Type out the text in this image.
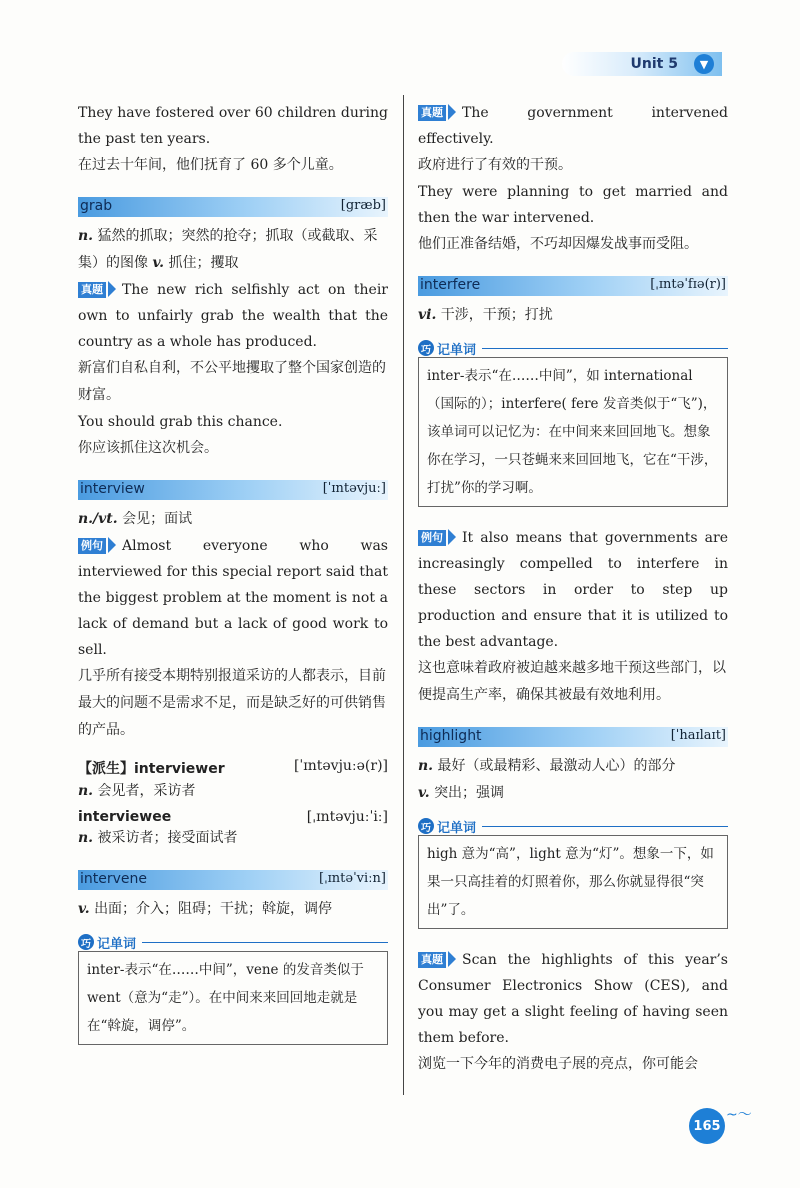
Unit 5	▼

They have fostered over 60 children during the past ten years.

在过去十年间，他们抚育了 60 多个儿童。

grab	[græb]

n. 猛然的抓取；突然的抢夺；抓取（或截取、采集）的图像 v. 抓住；攫取

真题 The new rich selfishly act on their own to unfairly grab the wealth that the country as a whole has produced.

新富们自私自利，不公平地攫取了整个国家创造的财富。

You should grab this chance.

你应该抓住这次机会。

interview	[ˈɪntəvjuː]

n./vt. 会见；面试

例句 Almost everyone who was interviewed for this special report said that the biggest problem at the moment is not a lack of demand but a lack of good work to sell.

几乎所有接受本期特别报道采访的人都表示，目前最大的问题不是需求不足，而是缺乏好的可供销售的产品。

【派生】interviewer	[ˈɪntəvjuːə(r)]

n. 会见者，采访者

interviewee	[ˌɪntəvjuːˈiː]

n. 被采访者；接受面试者

intervene	[ˌɪntəˈviːn]

v. 出面；介入；阻碍；干扰；斡旋，调停

巧 记单词
inter-表示“在……中间”，vene 的发音类似于 went（意为“走”）。在中间来来回回地走就是在“斡旋，调停”。

真题 The government intervened effectively.

政府进行了有效的干预。

They were planning to get married and then the war intervened.

他们正准备结婚，不巧却因爆发战事而受阻。

interfere	[ˌɪntəˈfɪə(r)]

vi. 干涉，干预；打扰

巧 记单词
inter-表示“在……中间”，如 international（国际的）；interfere( fere 发音类似于“飞”)，该单词可以记忆为：在中间来来回回地飞。想象你在学习，一只苍蝇来来回回地飞，它在“干涉，打扰”你的学习啊。

例句 It also means that governments are increasingly compelled to interfere in these sectors in order to step up production and ensure that it is utilized to the best advantage.

这也意味着政府被迫越来越多地干预这些部门，以便提高生产率，确保其被最有效地利用。

highlight	[ˈhaɪlaɪt]

n. 最好（或最精彩、最激动人心）的部分

v. 突出；强调

巧 记单词
high 意为“高”，light 意为“灯”。想象一下，如果一只高挂着的灯照着你，那么你就显得很“突出”了。

真题 Scan the highlights of this year’s Consumer Electronics Show (CES), and you may get a slight feeling of having seen them before.

浏览一下今年的消费电子展的亮点，你可能会

165
~〜
